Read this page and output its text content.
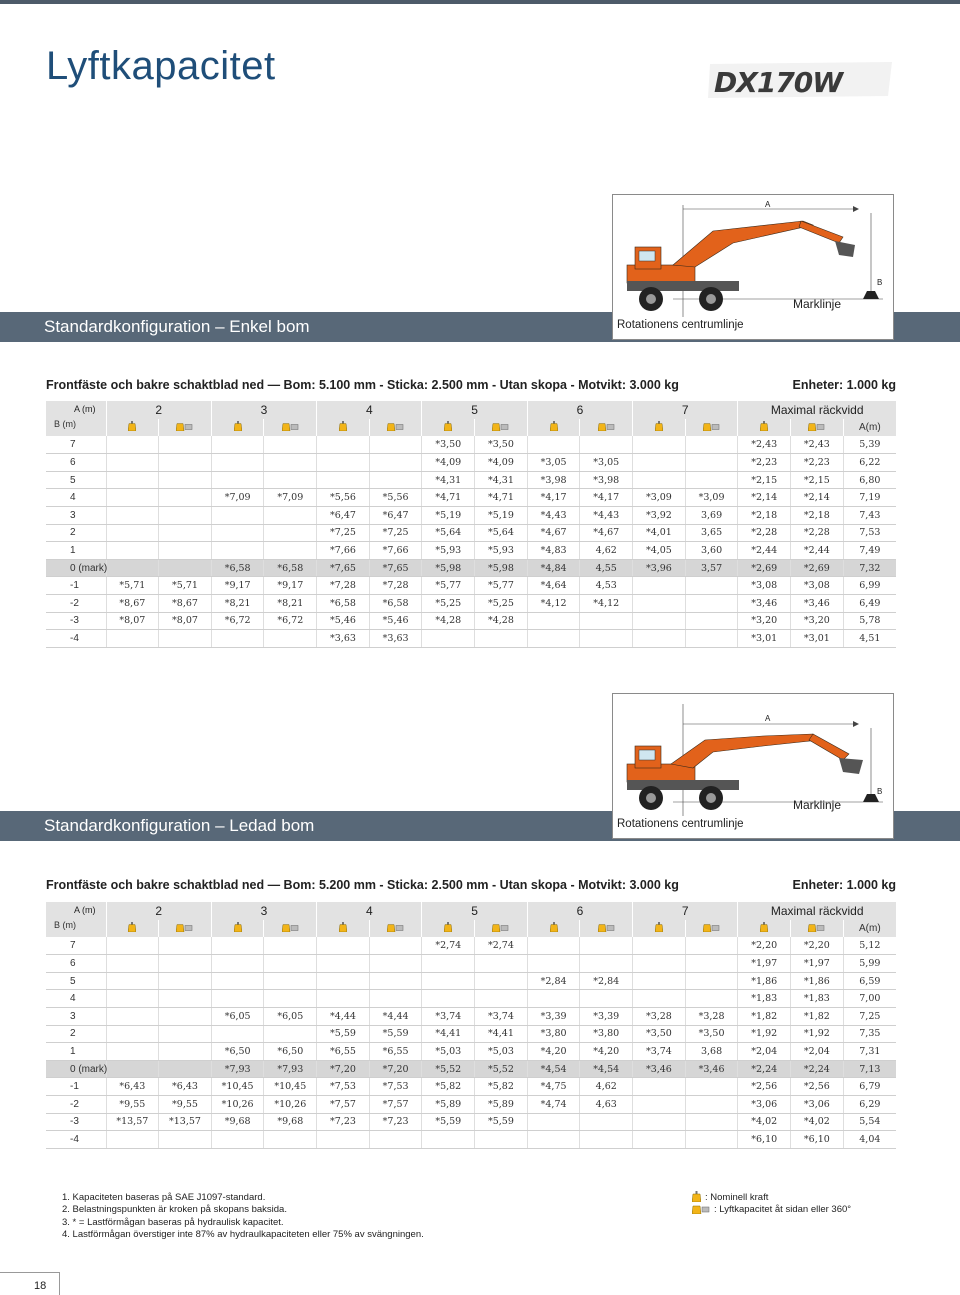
Lyftkapacitet	DX170W
Standardkonfiguration – Enkel bom
A
B
Marklinje
Rotationens centrumlinje
Frontfäste och bakre schaktblad ned — Bom: 5.100 mm - Sticka: 2.500 mm - Utan skopa - Motvikt: 3.000 kg	Enheter: 1.000 kg
A (m)	2		3		4		5		6		7		Maximal räckvidd		

B (m)															A(m)
7							*3,50	*3,50					*2,43	*2,43	5,39
6							*4,09	*4,09	*3,05	*3,05			*2,23	*2,23	6,22
5							*4,31	*4,31	*3,98	*3,98			*2,15	*2,15	6,80
4			*7,09	*7,09	*5,56	*5,56	*4,71	*4,71	*4,17	*4,17	*3,09	*3,09	*2,14	*2,14	7,19
3					*6,47	*6,47	*5,19	*5,19	*4,43	*4,43	*3,92	3,69	*2,18	*2,18	7,43
2					*7,25	*7,25	*5,64	*5,64	*4,67	*4,67	*4,01	3,65	*2,28	*2,28	7,53
1					*7,66	*7,66	*5,93	*5,93	*4,83	4,62	*4,05	3,60	*2,44	*2,44	7,49
0 (mark)			*6,58	*6,58	*7,65	*7,65	*5,98	*5,98	*4,84	4,55	*3,96	3,57	*2,69	*2,69	7,32
-1	*5,71	*5,71	*9,17	*9,17	*7,28	*7,28	*5,77	*5,77	*4,64	4,53			*3,08	*3,08	6,99
-2	*8,67	*8,67	*8,21	*8,21	*6,58	*6,58	*5,25	*5,25	*4,12	*4,12			*3,46	*3,46	6,49
-3	*8,07	*8,07	*6,72	*6,72	*5,46	*5,46	*4,28	*4,28					*3,20	*3,20	5,78
-4					*3,63	*3,63							*3,01	*3,01	4,51
Standardkonfiguration – Ledad bom
A
B
Marklinje
Rotationens centrumlinje
Frontfäste och bakre schaktblad ned — Bom: 5.200 mm - Sticka: 2.500 mm - Utan skopa - Motvikt: 3.000 kg	Enheter: 1.000 kg
A (m)	2		3		4		5		6		7		Maximal räckvidd		

B (m)															A(m)
7							*2,74	*2,74					*2,20	*2,20	5,12
6													*1,97	*1,97	5,99
5									*2,84	*2,84			*1,86	*1,86	6,59
4													*1,83	*1,83	7,00
3			*6,05	*6,05	*4,44	*4,44	*3,74	*3,74	*3,39	*3,39	*3,28	*3,28	*1,82	*1,82	7,25
2					*5,59	*5,59	*4,41	*4,41	*3,80	*3,80	*3,50	*3,50	*1,92	*1,92	7,35
1			*6,50	*6,50	*6,55	*6,55	*5,03	*5,03	*4,20	*4,20	*3,74	3,68	*2,04	*2,04	7,31
0 (mark)			*7,93	*7,93	*7,20	*7,20	*5,52	*5,52	*4,54	*4,54	*3,46	*3,46	*2,24	*2,24	7,13
-1	*6,43	*6,43	*10,45	*10,45	*7,53	*7,53	*5,82	*5,82	*4,75	4,62			*2,56	*2,56	6,79
-2	*9,55	*9,55	*10,26	*10,26	*7,57	*7,57	*5,89	*5,89	*4,74	4,63			*3,06	*3,06	6,29
-3	*13,57	*13,57	*9,68	*9,68	*7,23	*7,23	*5,59	*5,59					*4,02	*4,02	5,54
-4													*6,10	*6,10	4,04
1. Kapaciteten baseras på SAE J1097-standard.
2. Belastningspunkten är kroken på skopans baksida.
3. * = Lastförmågan baseras på hydraulisk kapacitet.
4. Lastförmågan överstiger inte 87% av hydraulkapaciteten eller 75% av svängningen.
: Nominell kraft
: Lyftkapacitet åt sidan eller 360°
18
